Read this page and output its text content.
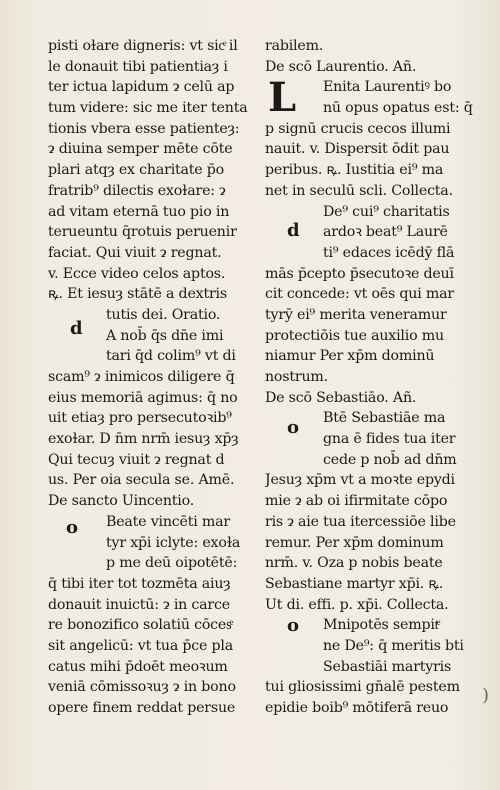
pisti oɫare digneris: vt sicͤ il
le donauit tibi patientiaȝ i
ter ictua lapidum ɂ celū ap
tum videre: sic me iter tenta
tionis vbera esse patienteȝ:
ɂ diuina semper mēte cōte
plari atqȝ ex charitate p̄o
fratrib⁹ dilectis exoɫare: ɂ
ad vitam eternā tuo pio in
terueuntu q̄rotuis peruenir
faciat. Qui viuit ɂ regnat.
v. Ecce video celos aptos.
ꝶ. Et iesuȝ stātē a dextris
tutis dei. Oratio.
A nob̄ q̄s dn̄e imi
tari q̄d colim⁹ vt di
scam⁹ ɂ inimicos diligere q̄
eius memoriā agimus: q̄ no
uit etiaȝ pro persecutoꝛib⁹
exoɫar. D n̄m nrm̄ iesuȝ xp̄ȝ
Qui tecuȝ viuit ɂ regnat d
us. Per oia secula se. Amē.
De sancto Uincentio.
Beate vincēti mar
tyr xp̄i iclyte: exoɫa
p me deū oipotētē:
q̄ tibi iter tot tozmēta aiuȝ
donauit inuictū: ɂ in carce
re bonozifico solatiū cōcesͤ
sit angelicū: vt tua p̄ce pla
catus mihi p̄doēt meoꝛum
veniā cōmissoꝛuȝ ɂ in bono
opere finem reddat persue
rabilem.
De scō Laurentio. Añ.
Enita Laurentiꝰ bo
nū opus opatus est: q̄
p signū crucis cecos illumi
nauit. v. Dispersit ōdit pau
peribus. ꝶ. Iustitia ei⁹ ma
net in seculū scli. Collecta.
De⁹ cui⁹ charitatis
ardoꝛ beat⁹ Laurē
ti⁹ edaces icēdȳ flā
mās p̄cepto p̄secutoꝛe deuī
cit concede: vt oēs qui mar
tyrȳ ei⁹ merita veneramur
protectiōis tue auxilio mu
niamur Per xp̄m dominū
nostrum.
De scō Sebastiāo. Añ.
Btē Sebastiāe ma
gna ē fides tua iter
cede p nob̄ ad dn̄m
Jesuȝ xp̄m vt a moꝛte epydi
mie ɂ ab oi ifirmitate cōpo
ris ɂ aie tua itercessiōe libe
remur. Per xp̄m dominum
nrm̄. v. Oza p nobis beate
Sebastiane martyr xp̄i. ꝶ.
Ut di. effi. p. xp̄i. Collecta.
Mnipotēs sempitͤ
ne De⁹: q̄ meritis bti
Sebastiāi martyris
tui gliosissimi gn̄alē pestem
epidie boib⁹ mōtiferā reuo
d
o
L
d
o
o
)
